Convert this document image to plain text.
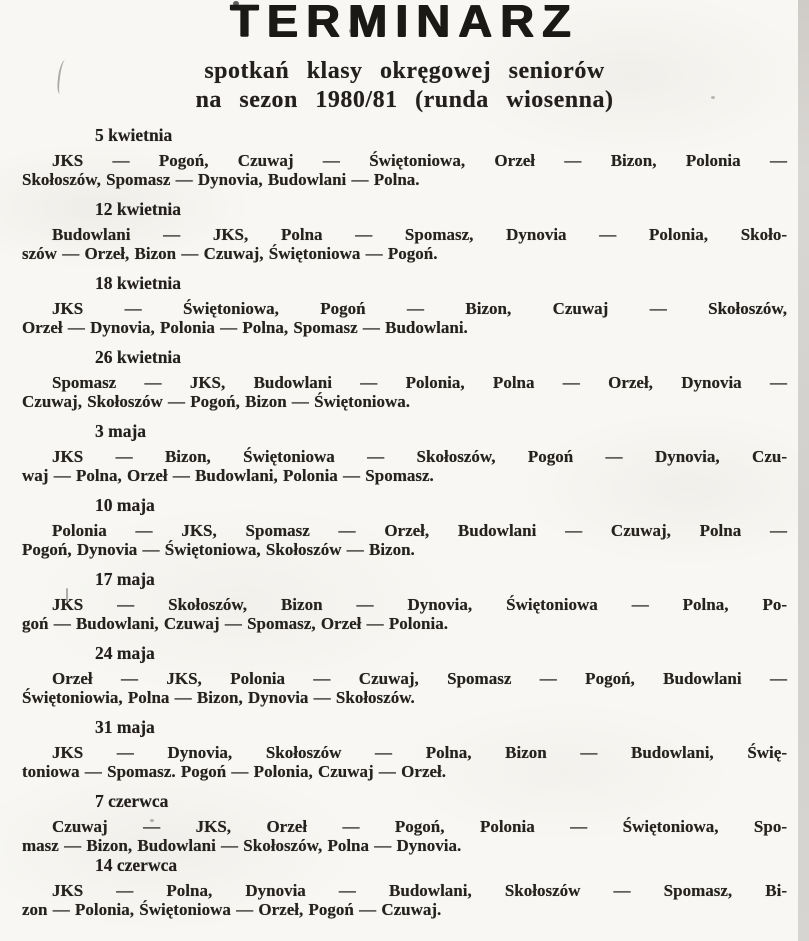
TERMINARZ
spotkań klasy okręgowej seniorów
na sezon 1980/81 (runda wiosenna)
5 kwietnia

JKS — Pogoń, Czuwaj — Świętoniowa, Orzeł — Bizon, Polonia —

Skołoszów, Spomasz — Dynovia, Budowlani — Polna.

12 kwietnia

Budowlani — JKS, Polna — Spomasz, Dynovia — Polonia, Skoło-

szów — Orzeł, Bizon — Czuwaj, Świętoniowa — Pogoń.

18 kwietnia

JKS — Świętoniowa, Pogoń — Bizon, Czuwaj — Skołoszów,

Orzeł — Dynovia, Polonia — Polna, Spomasz — Budowlani.

26 kwietnia

Spomasz — JKS, Budowlani — Polonia, Polna — Orzeł, Dynovia —

Czuwaj, Skołoszów — Pogoń, Bizon — Świętoniowa.

3 maja

JKS — Bizon, Świętoniowa — Skołoszów, Pogoń — Dynovia, Czu-

waj — Polna, Orzeł — Budowlani, Polonia — Spomasz.

10 maja

Polonia — JKS, Spomasz — Orzeł, Budowlani — Czuwaj, Polna —

Pogoń, Dynovia — Świętoniowa, Skołoszów — Bizon.

17 maja

JKS — Skołoszów, Bizon — Dynovia, Świętoniowa — Polna, Po-

goń — Budowlani, Czuwaj — Spomasz, Orzeł — Polonia.

24 maja

Orzeł — JKS, Polonia — Czuwaj, Spomasz — Pogoń, Budowlani —

Świętoniowia, Polna — Bizon, Dynovia — Skołoszów.

31 maja

JKS — Dynovia, Skołoszów — Polna, Bizon — Budowlani, Świę-

toniowa — Spomasz. Pogoń — Polonia, Czuwaj — Orzeł.

7 czerwca

Czuwaj — JKS, Orzeł — Pogoń, Polonia — Świętoniowa, Spo-

masz — Bizon, Budowlani — Skołoszów, Polna — Dynovia.

14 czerwca

JKS — Polna, Dynovia — Budowlani, Skołoszów — Spomasz, Bi-

zon — Polonia, Świętoniowa — Orzeł, Pogoń — Czuwaj.
